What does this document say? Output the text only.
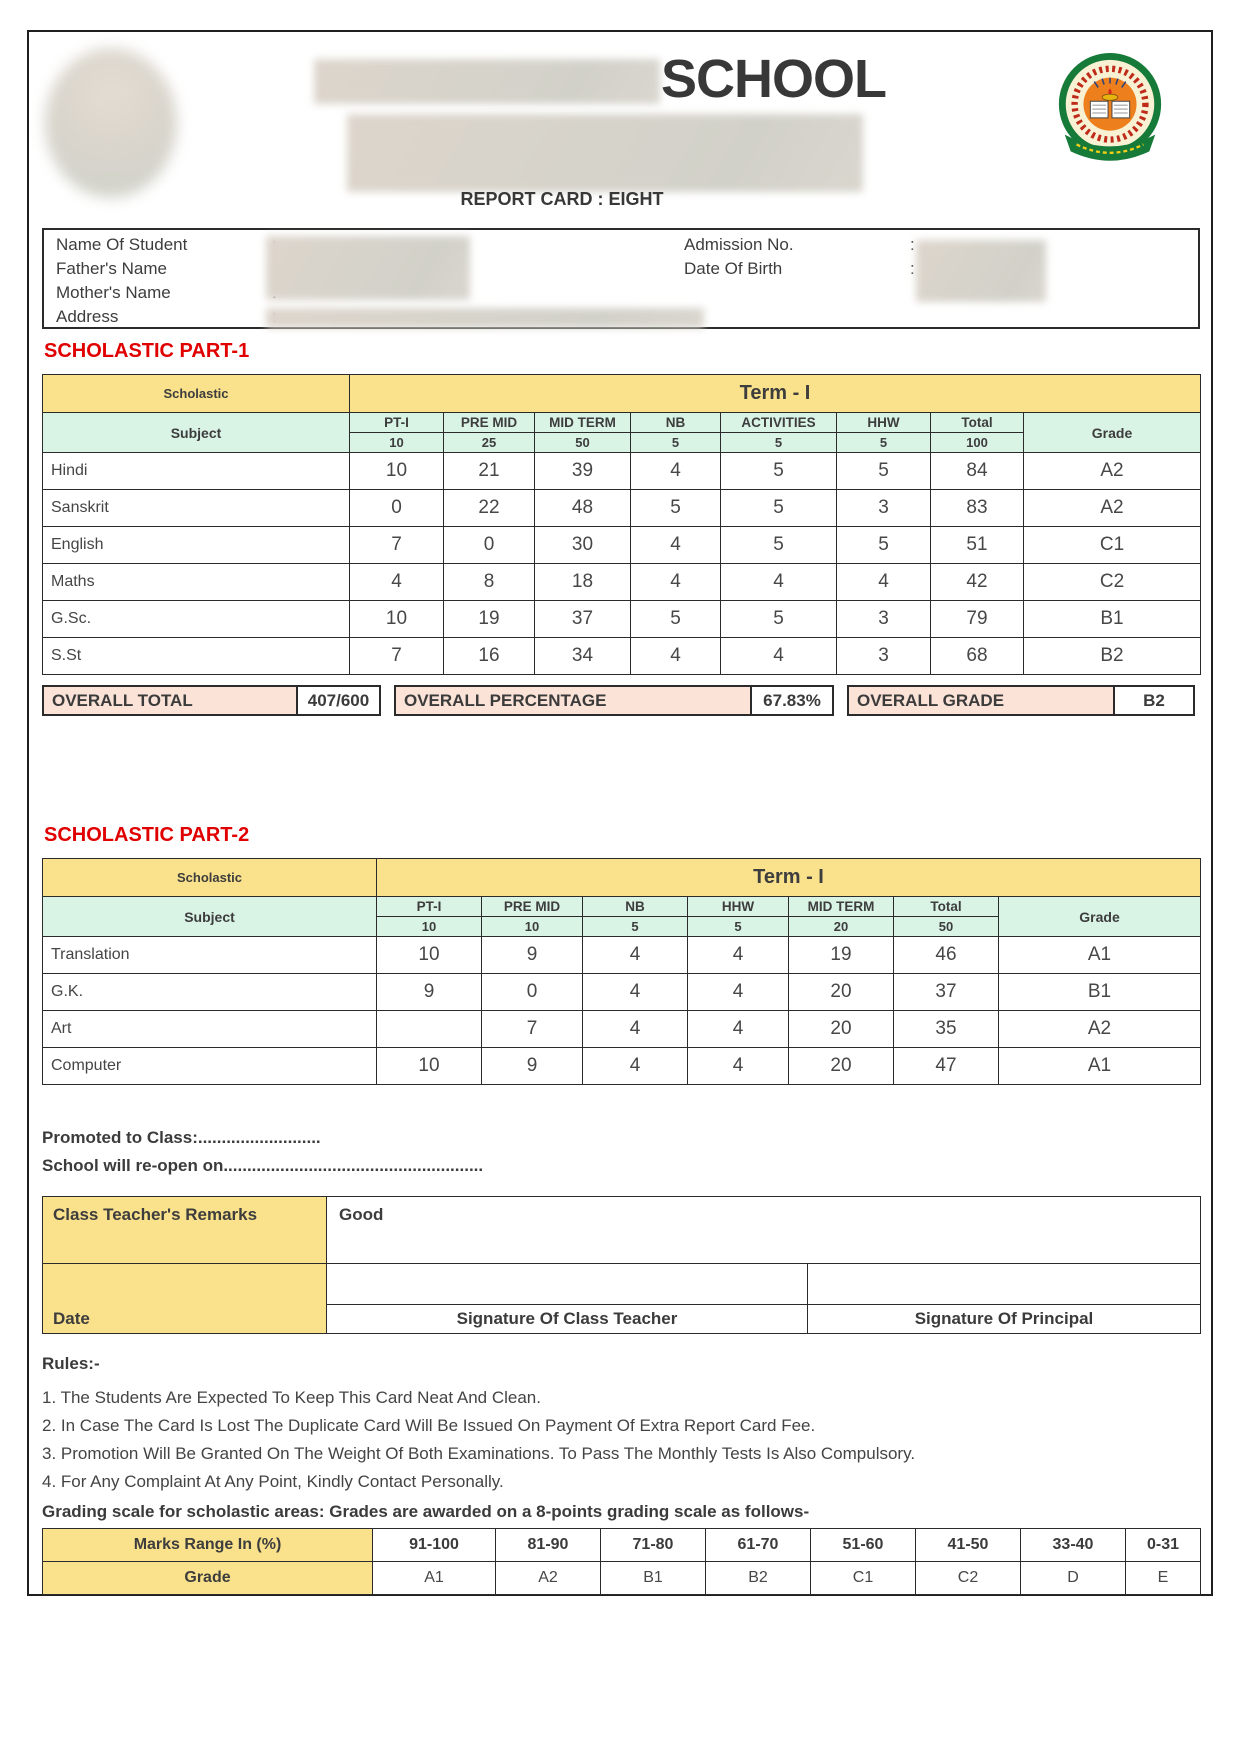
SCHOOL
REPORT CARD : EIGHT
Name Of Student	Admission No.	:
Father's Name	Date Of Birth	:
Mother's Name
Address
SCHOLASTIC PART-1
Scholastic	Term - I							
Subject	PT-I	PRE MID	MID TERM	NB	ACTIVITIES	HHW	Total	Grade
	10	25	50	5	5	5	100	
Hindi	10	21	39	4	5	5	84	A2
Sanskrit	0	22	48	5	5	3	83	A2
English	7	0	30	4	5	5	51	C1
Maths	4	8	18	4	4	4	42	C2
G.Sc.	10	19	37	5	5	3	79	B1
S.St	7	16	34	4	4	3	68	B2
OVERALL TOTAL	407/600	OVERALL PERCENTAGE	67.83%	OVERALL GRADE	B2
SCHOLASTIC PART-2
Scholastic	Term - I						
Subject	PT-I	PRE MID	NB	HHW	MID TERM	Total	Grade
	10	10	5	5	20	50	
Translation	10	9	4	4	19	46	A1
G.K.	9	0	4	4	20	37	B1
Art		7	4	4	20	35	A2
Computer	10	9	4	4	20	47	A1
Promoted to Class:..........................
School will re-open on.......................................................
Class Teacher's Remarks	Good	
Date		
	Signature Of Class Teacher	Signature Of Principal
Rules:-
1. The Students Are Expected To Keep This Card Neat And Clean.
2. In Case The Card Is Lost The Duplicate Card Will Be Issued On Payment Of Extra Report Card Fee.
3. Promotion Will Be Granted On The Weight Of Both Examinations. To Pass The Monthly Tests Is Also Compulsory.
4. For Any Complaint At Any Point, Kindly Contact Personally.
Grading scale for scholastic areas: Grades are awarded on a 8-points grading scale as follows-
Marks Range In (%)	91-100	81-90	71-80	61-70	51-60	41-50	33-40	0-31
Grade	A1	A2	B1	B2	C1	C2	D	E
